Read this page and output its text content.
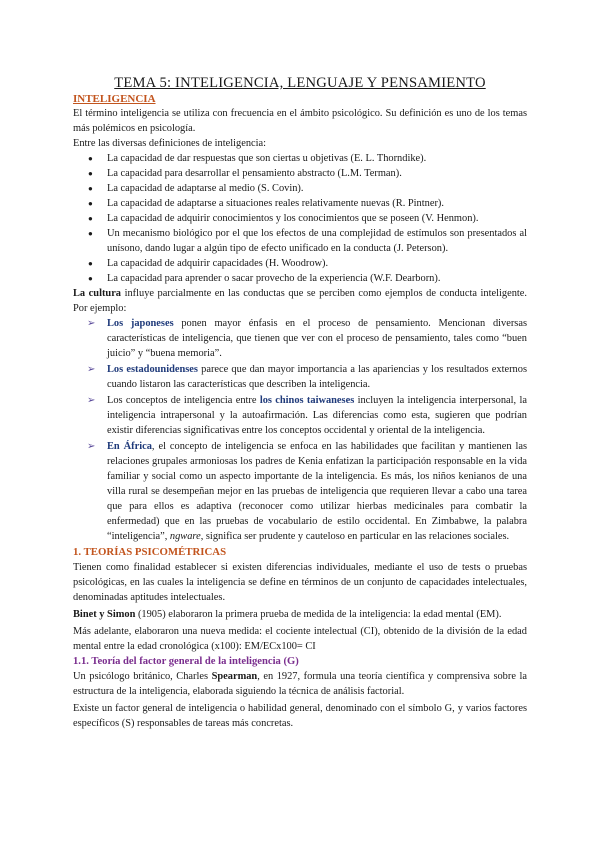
TEMA 5: INTELIGENCIA, LENGUAJE Y PENSAMIENTO
INTELIGENCIA

El término inteligencia se utiliza con frecuencia en el ámbito psicológico. Su definición es uno de los temas más polémicos en psicología.

Entre las diversas definiciones de inteligencia:

● La capacidad de dar respuestas que son ciertas u objetivas (E. L. Thorndike).
● La capacidad para desarrollar el pensamiento abstracto (L.M. Terman).
● La capacidad de adaptarse al medio (S. Covin).
● La capacidad de adaptarse a situaciones reales relativamente nuevas (R. Pintner).
● La capacidad de adquirir conocimientos y los conocimientos que se poseen (V. Henmon).
● Un mecanismo biológico por el que los efectos de una complejidad de estímulos son presentados al unísono, dando lugar a algún tipo de efecto unificado en la conducta (J. Peterson).
● La capacidad de adquirir capacidades (H. Woodrow).
● La capacidad para aprender o sacar provecho de la experiencia (W.F. Dearborn).

La cultura influye parcialmente en las conductas que se perciben como ejemplos de conducta inteligente. Por ejemplo:

➢ Los japoneses ponen mayor énfasis en el proceso de pensamiento. Mencionan diversas características de inteligencia, que tienen que ver con el proceso de pensamiento, tales como “buen juicio” y “buena memoria”.
➢ Los estadounidenses parece que dan mayor importancia a las apariencias y los resultados externos cuando listaron las características que describen la inteligencia.
➢ Los conceptos de inteligencia entre los chinos taiwaneses incluyen la inteligencia interpersonal, la inteligencia intrapersonal y la autoafirmación. Las diferencias como esta, sugieren que podrían existir diferencias significativas entre los conceptos occidental y oriental de la inteligencia.
➢ En África, el concepto de inteligencia se enfoca en las habilidades que facilitan y mantienen las relaciones grupales armoniosas los padres de Kenia enfatizan la participación responsable en la vida familiar y social como un aspecto importante de la inteligencia. Es más, los niños kenianos de una villa rural se desempeñan mejor en las pruebas de inteligencia que requieren llevar a cabo una tarea que para ellos es adaptiva (reconocer como utilizar hierbas medicinales para combatir la enfermedad) que en las pruebas de vocabulario de estilo occidental. En Zimbabwe, la palabra “inteligencia”, ngware, significa ser prudente y cauteloso en particular en las relaciones sociales.
1. TEORÍAS PSICOMÉTRICAS

Tienen como finalidad establecer si existen diferencias individuales, mediante el uso de tests o pruebas psicológicas, en las cuales la inteligencia se define en términos de un conjunto de capacidades intelectuales, denominadas aptitudes intelectuales.

Binet y Simon (1905) elaboraron la primera prueba de medida de la inteligencia: la edad mental (EM).

Más adelante, elaboraron una nueva medida: el cociente intelectual (CI), obtenido de la división de la edad mental entre la edad cronológica (x100): EM/ECx100= CI

1.1. Teoría del factor general de la inteligencia (G)

Un psicólogo británico, Charles Spearman, en 1927, formula una teoría científica y comprensiva sobre la estructura de la inteligencia, elaborada siguiendo la técnica de análisis factorial.

Existe un factor general de inteligencia o habilidad general, denominado con el símbolo G, y varios factores específicos (S) responsables de tareas más concretas.
